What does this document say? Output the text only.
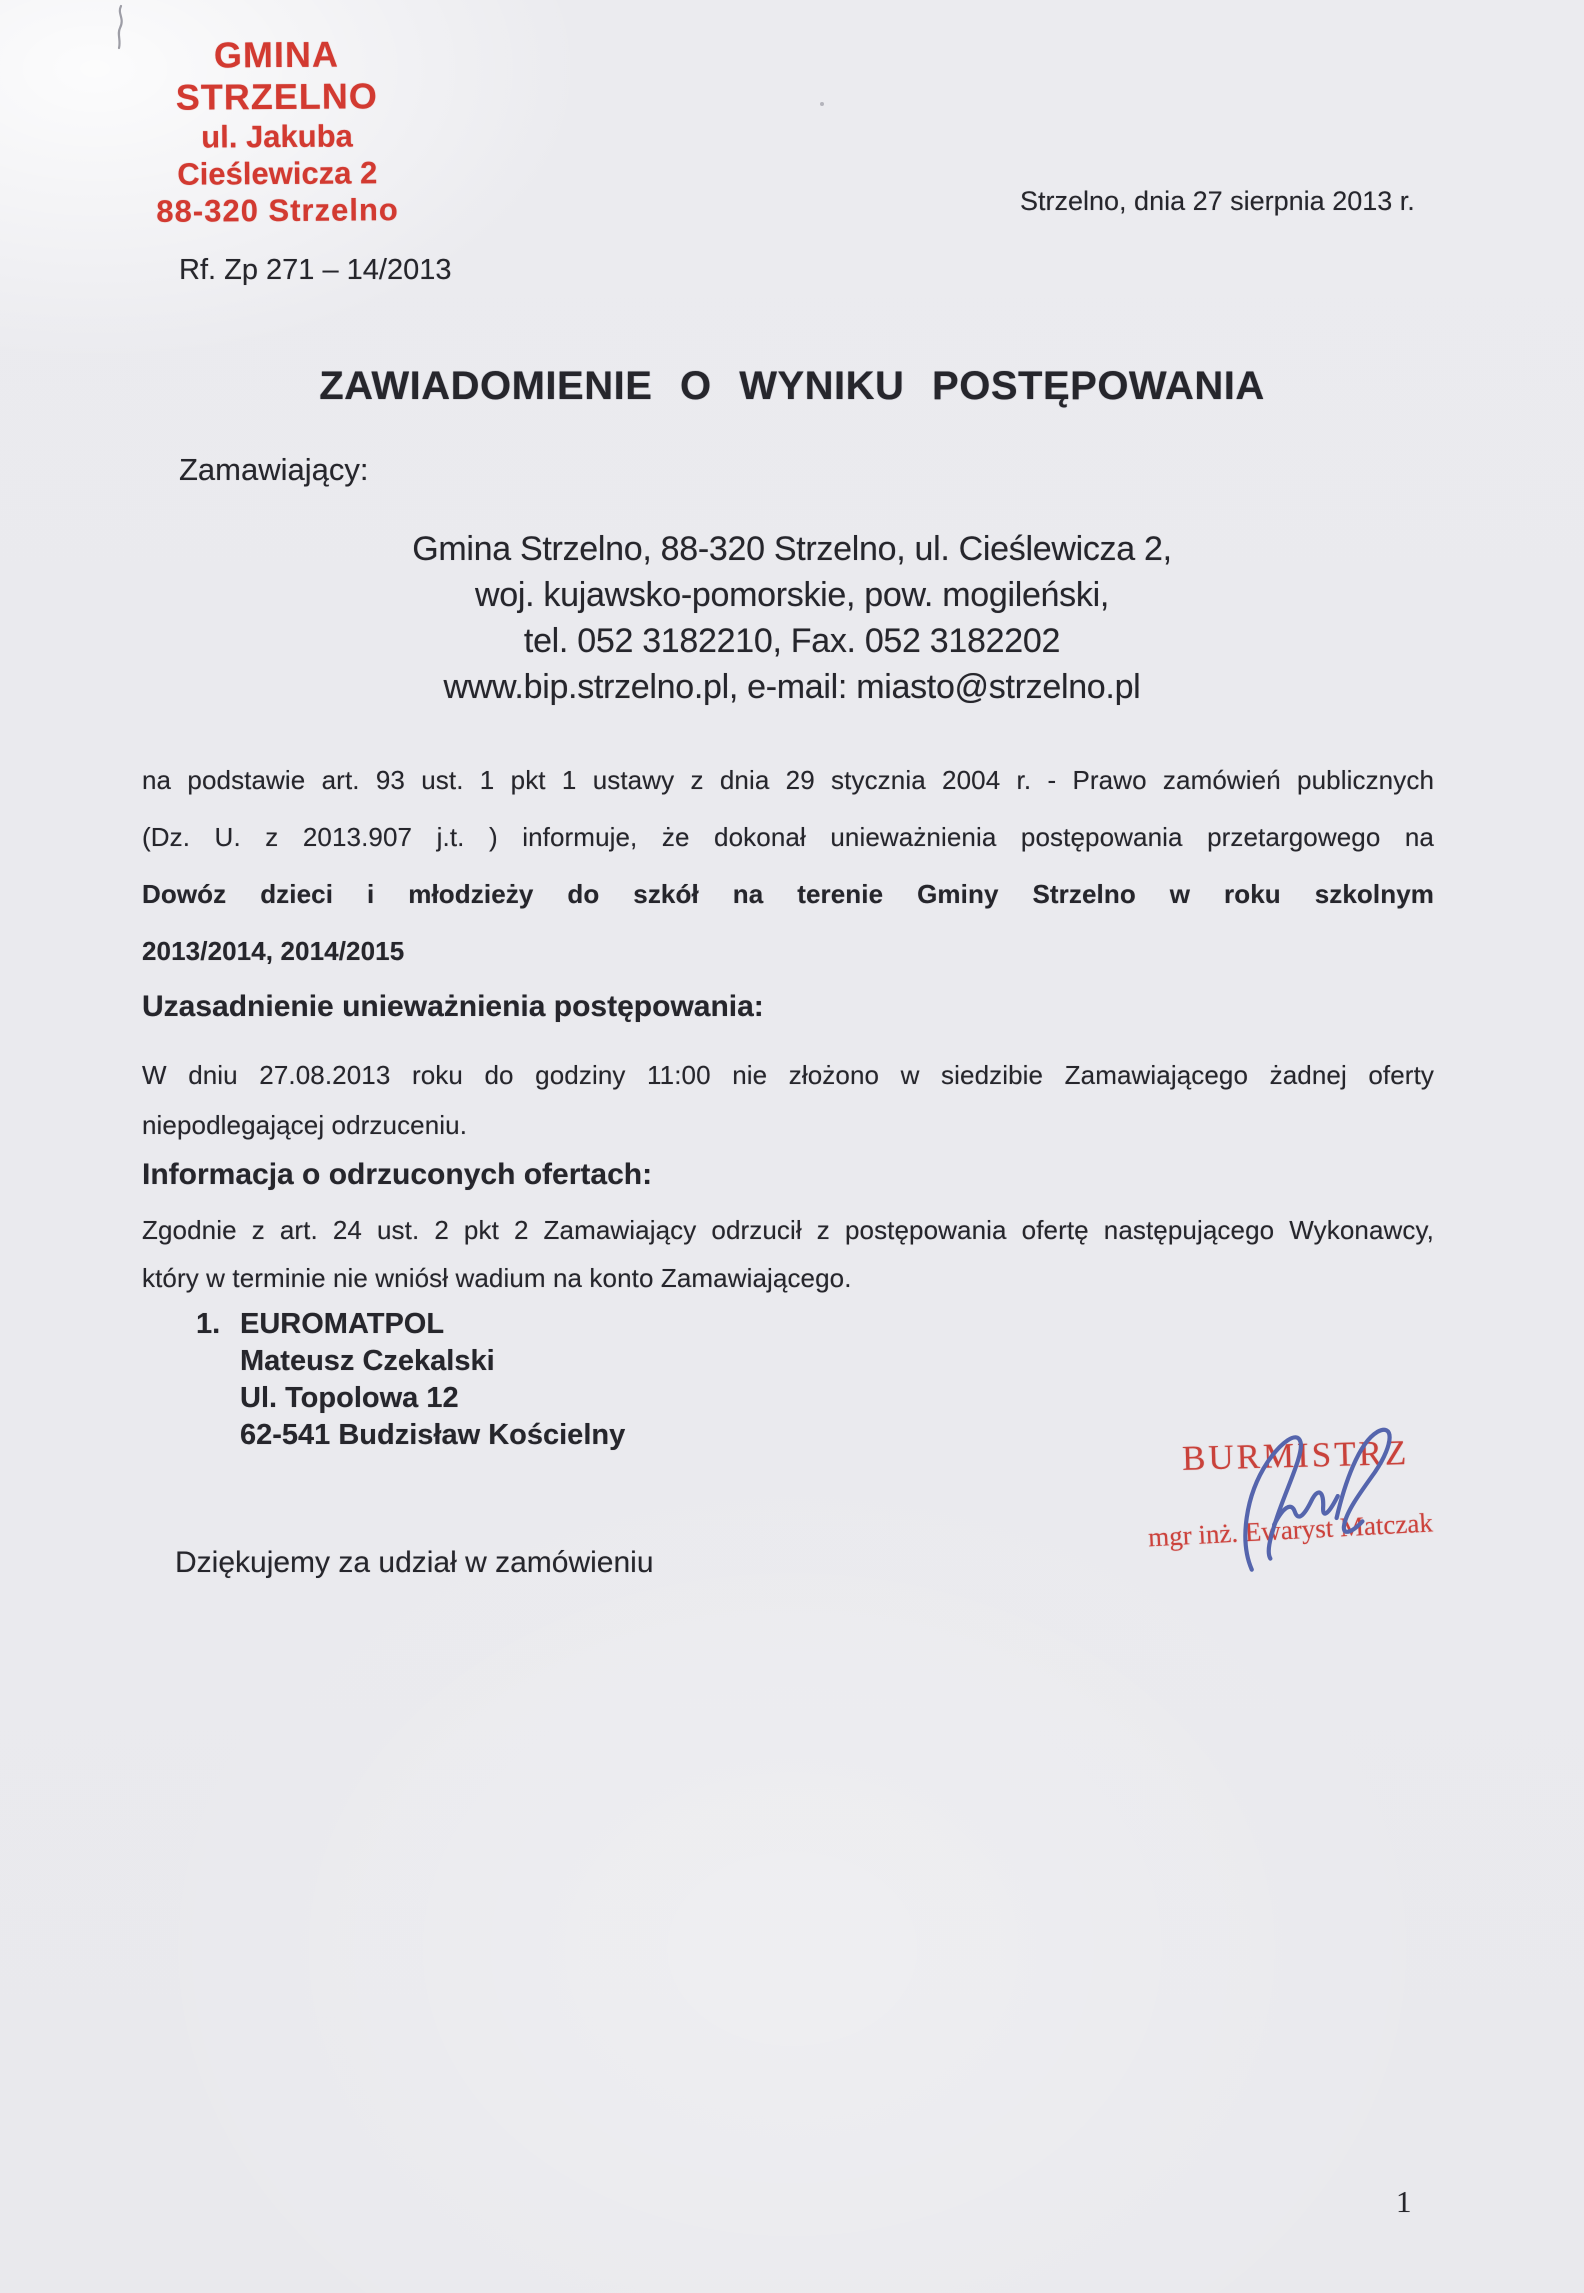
GMINA STRZELNO
ul. Jakuba Cieślewicza 2
88-320 Strzelno	Strzelno, dnia 27 sierpnia 2013 r.
Rf. Zp 271 – 14/2013
ZAWIADOMIENIE O WYNIKU POSTĘPOWANIA
Zamawiający:
Gmina Strzelno, 88-320 Strzelno, ul. Cieślewicza 2,
woj. kujawsko-pomorskie, pow. mogileński,
tel. 052 3182210, Fax. 052 3182202
www.bip.strzelno.pl, e-mail: miasto@strzelno.pl
na podstawie art. 93 ust. 1 pkt 1 ustawy z dnia 29 stycznia 2004 r. - Prawo zamówień publicznych
(Dz. U. z 2013.907 j.t. ) informuje, że dokonał unieważnienia postępowania przetargowego na
Dowóz dzieci i młodzieży do szkół na terenie Gminy Strzelno w roku szkolnym
2013/2014, 2014/2015
Uzasadnienie unieważnienia postępowania:
W dniu 27.08.2013 roku do godziny 11:00 nie złożono w siedzibie Zamawiającego żadnej oferty
niepodlegającej odrzuceniu.
Informacja o odrzuconych ofertach:
Zgodnie z art. 24 ust. 2 pkt 2 Zamawiający odrzucił z postępowania ofertę następującego Wykonawcy,
który w terminie nie wniósł wadium na konto Zamawiającego.
1. EUROMATPOL
Mateusz Czekalski
Ul. Topolowa 12
62-541 Budzisław Kościelny	BURMISTRZ
mgr inż. Ewaryst Matczak
Dziękujemy za udział w zamówieniu
1
